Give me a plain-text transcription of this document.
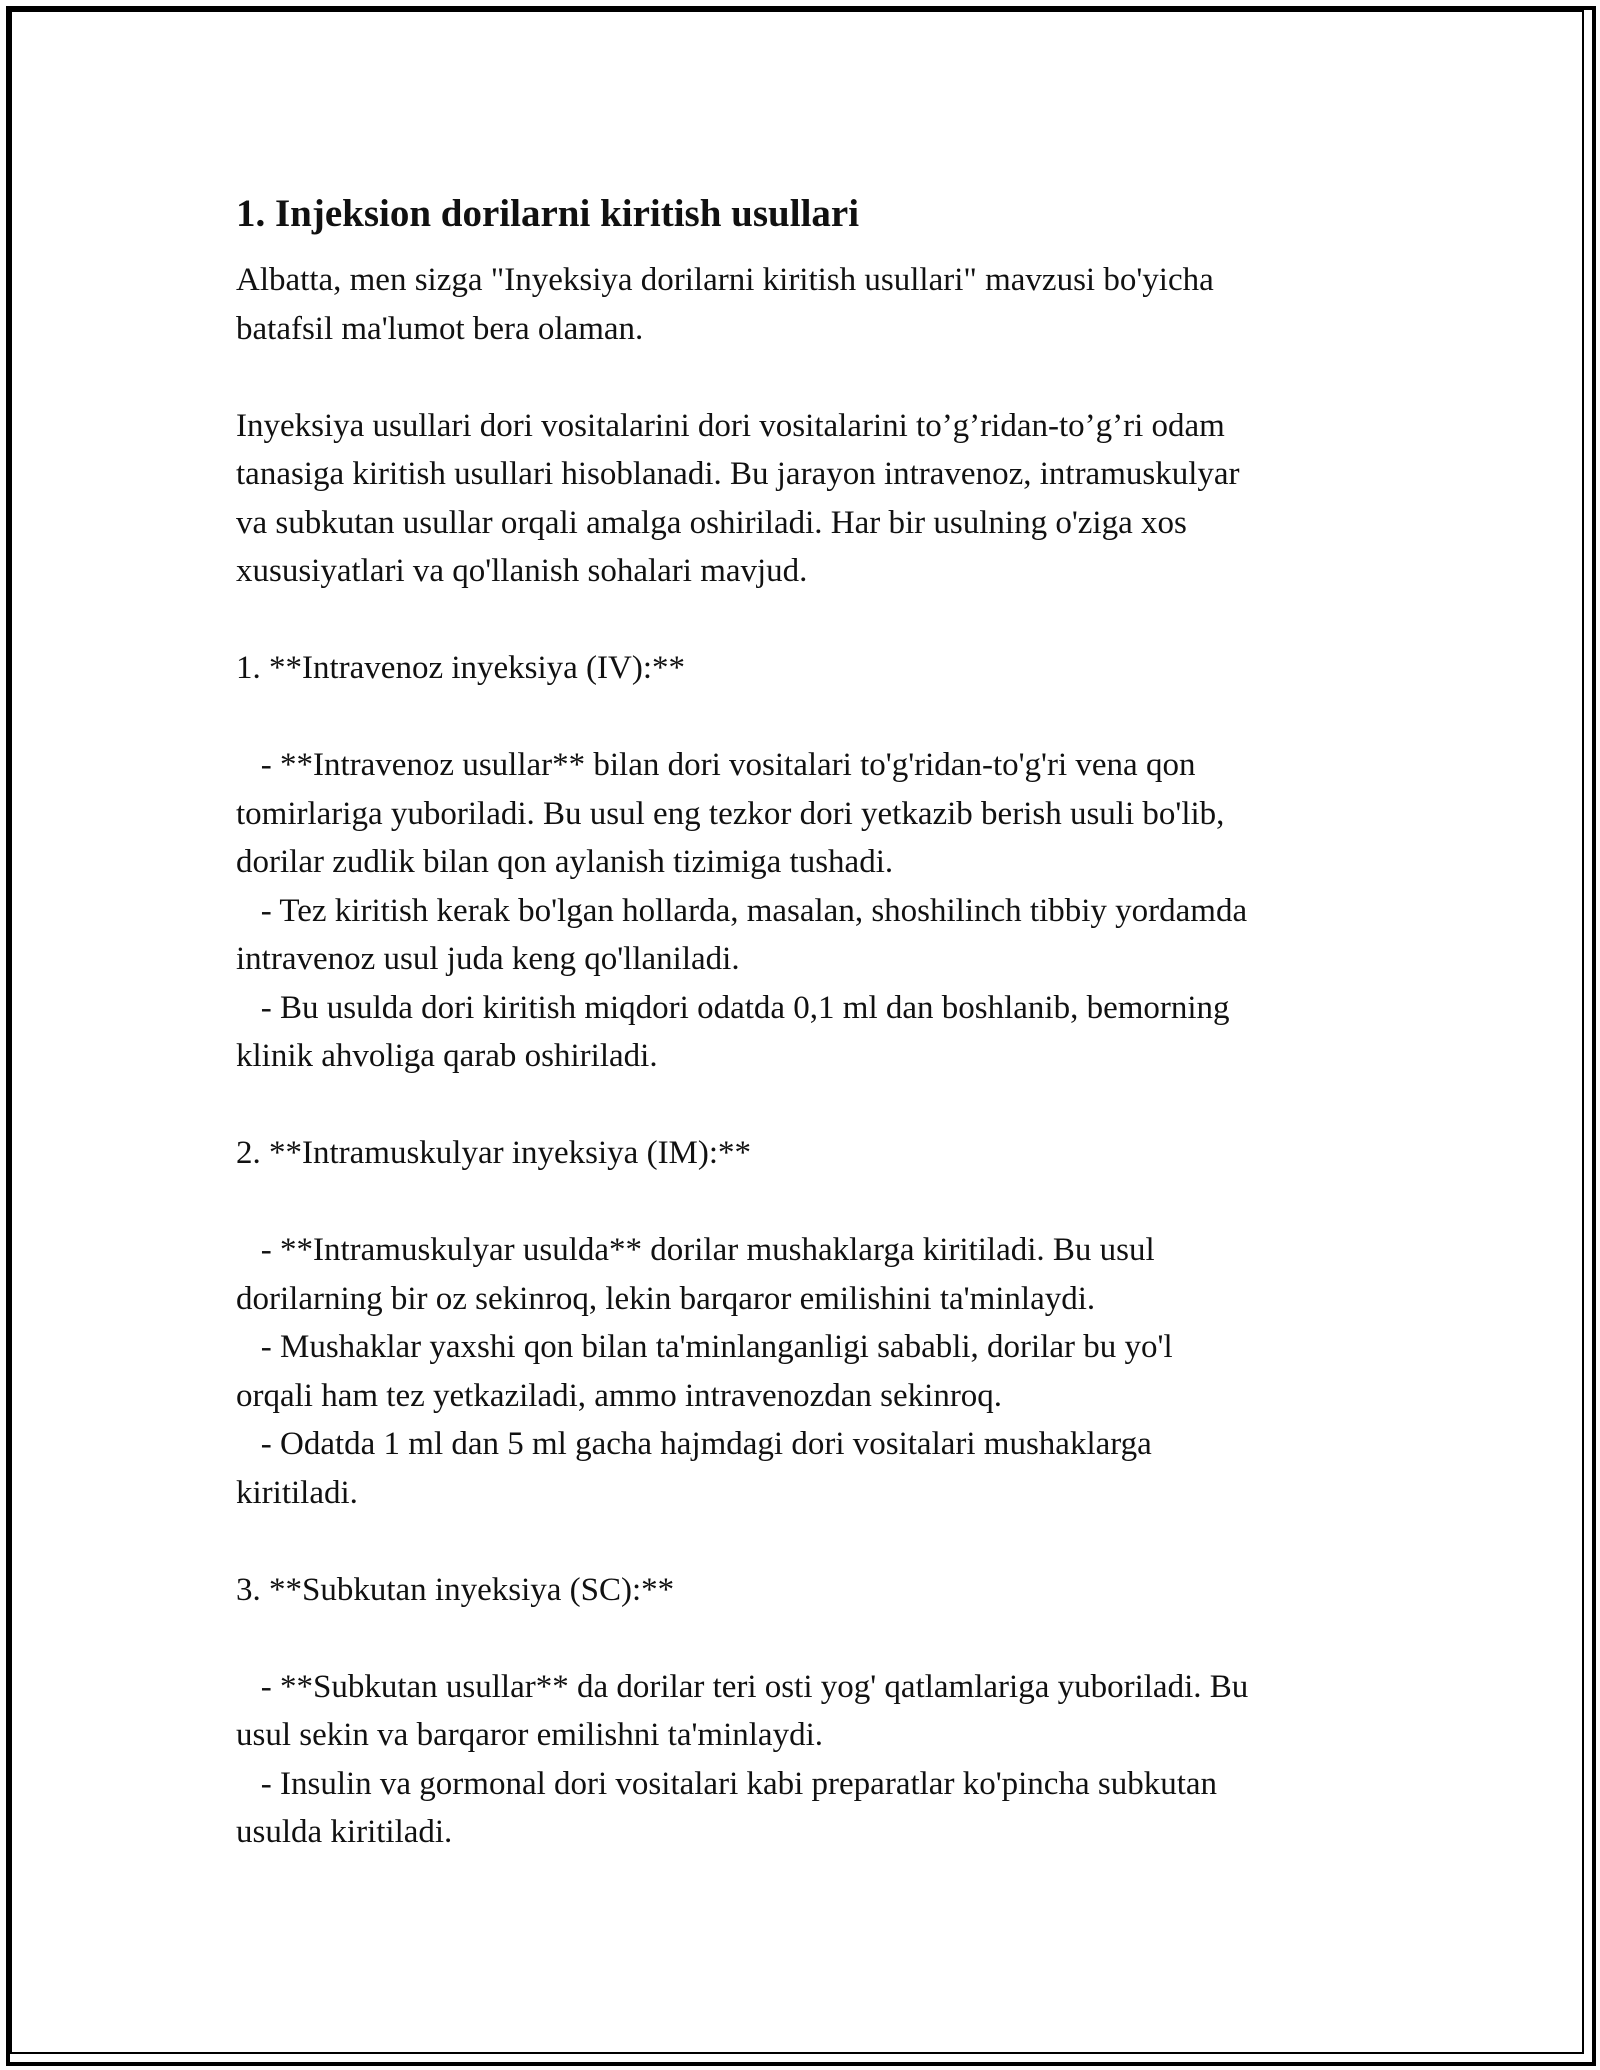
1. Injeksion dorilarni kiritish usullari
Albatta, men sizga "Inyeksiya dorilarni kiritish usullari" mavzusi bo'yicha
batafsil ma'lumot bera olaman.
Inyeksiya usullari dori vositalarini dori vositalarini to’g’ridan-to’g’ri odam
tanasiga kiritish usullari hisoblanadi. Bu jarayon intravenoz, intramuskulyar
va subkutan usullar orqali amalga oshiriladi. Har bir usulning o'ziga xos
xususiyatlari va qo'llanish sohalari mavjud.
1. **Intravenoz inyeksiya (IV):**
- **Intravenoz usullar** bilan dori vositalari to'g'ridan-to'g'ri vena qon
tomirlariga yuboriladi. Bu usul eng tezkor dori yetkazib berish usuli bo'lib,
dorilar zudlik bilan qon aylanish tizimiga tushadi.
- Tez kiritish kerak bo'lgan hollarda, masalan, shoshilinch tibbiy yordamda
intravenoz usul juda keng qo'llaniladi.
- Bu usulda dori kiritish miqdori odatda 0,1 ml dan boshlanib, bemorning
klinik ahvoliga qarab oshiriladi.
2. **Intramuskulyar inyeksiya (IM):**
- **Intramuskulyar usulda** dorilar mushaklarga kiritiladi. Bu usul
dorilarning bir oz sekinroq, lekin barqaror emilishini ta'minlaydi.
- Mushaklar yaxshi qon bilan ta'minlanganligi sababli, dorilar bu yo'l
orqali ham tez yetkaziladi, ammo intravenozdan sekinroq.
- Odatda 1 ml dan 5 ml gacha hajmdagi dori vositalari mushaklarga
kiritiladi.
3. **Subkutan inyeksiya (SC):**
- **Subkutan usullar** da dorilar teri osti yog' qatlamlariga yuboriladi. Bu
usul sekin va barqaror emilishni ta'minlaydi.
- Insulin va gormonal dori vositalari kabi preparatlar ko'pincha subkutan
usulda kiritiladi.
